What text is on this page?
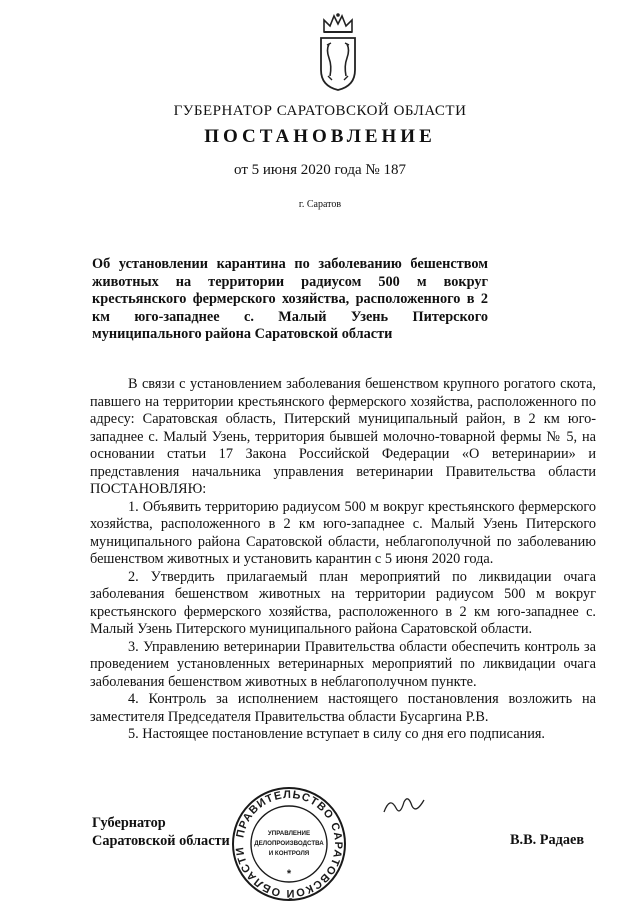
ГУБЕРНАТОР САРАТОВСКОЙ ОБЛАСТИ
ПОСТАНОВЛЕНИЕ
от 5 июня 2020 года № 187
г. Саратов
Об установлении карантина по заболеванию бешенством животных на территории радиусом 500 м вокруг крестьянского фермерского хозяйства, расположенного в 2 км юго-западнее с. Малый Узень Питерского муниципального района Саратовской области

В связи с установлением заболевания бешенством крупного рогатого скота, павшего на территории крестьянского фермерского хозяйства, расположенного по адресу: Саратовская область, Питерский муниципальный район, в 2 км юго-западнее с. Малый Узень, территория бывшей молочно-товарной фермы № 5, на основании статьи 17 Закона Российской Федерации «О ветеринарии» и представления начальника управления ветеринарии Правительства области ПОСТАНОВЛЯЮ:

1. Объявить территорию радиусом 500 м вокруг крестьянского фермерского хозяйства, расположенного в 2 км юго-западнее с. Малый Узень Питерского муниципального района Саратовской области, неблагополучной по заболеванию бешенством животных и установить карантин с 5 июня 2020 года.

2. Утвердить прилагаемый план мероприятий по ликвидации очага заболевания бешенством животных на территории радиусом 500 м вокруг крестьянского фермерского хозяйства, расположенного в 2 км юго-западнее с. Малый Узень Питерского муниципального района Саратовской области.

3. Управлению ветеринарии Правительства области обеспечить контроль за проведением установленных ветеринарных мероприятий по ликвидации очага заболевания бешенством животных в неблагополучном пункте.

4. Контроль за исполнением настоящего постановления возложить на заместителя Председателя Правительства области Бусаргина Р.В.

5. Настоящее постановление вступает в силу со дня его подписания.

Губернатор
Саратовской области ПРАВИТЕЛЬСТВО САРАТОВСКОЙ ОБЛАСТИ
УПРАВЛЕНИЕ
ДЕЛОПРОИЗВОДСТВА
И КОНТРОЛЯ
*
В.В. Радаев
